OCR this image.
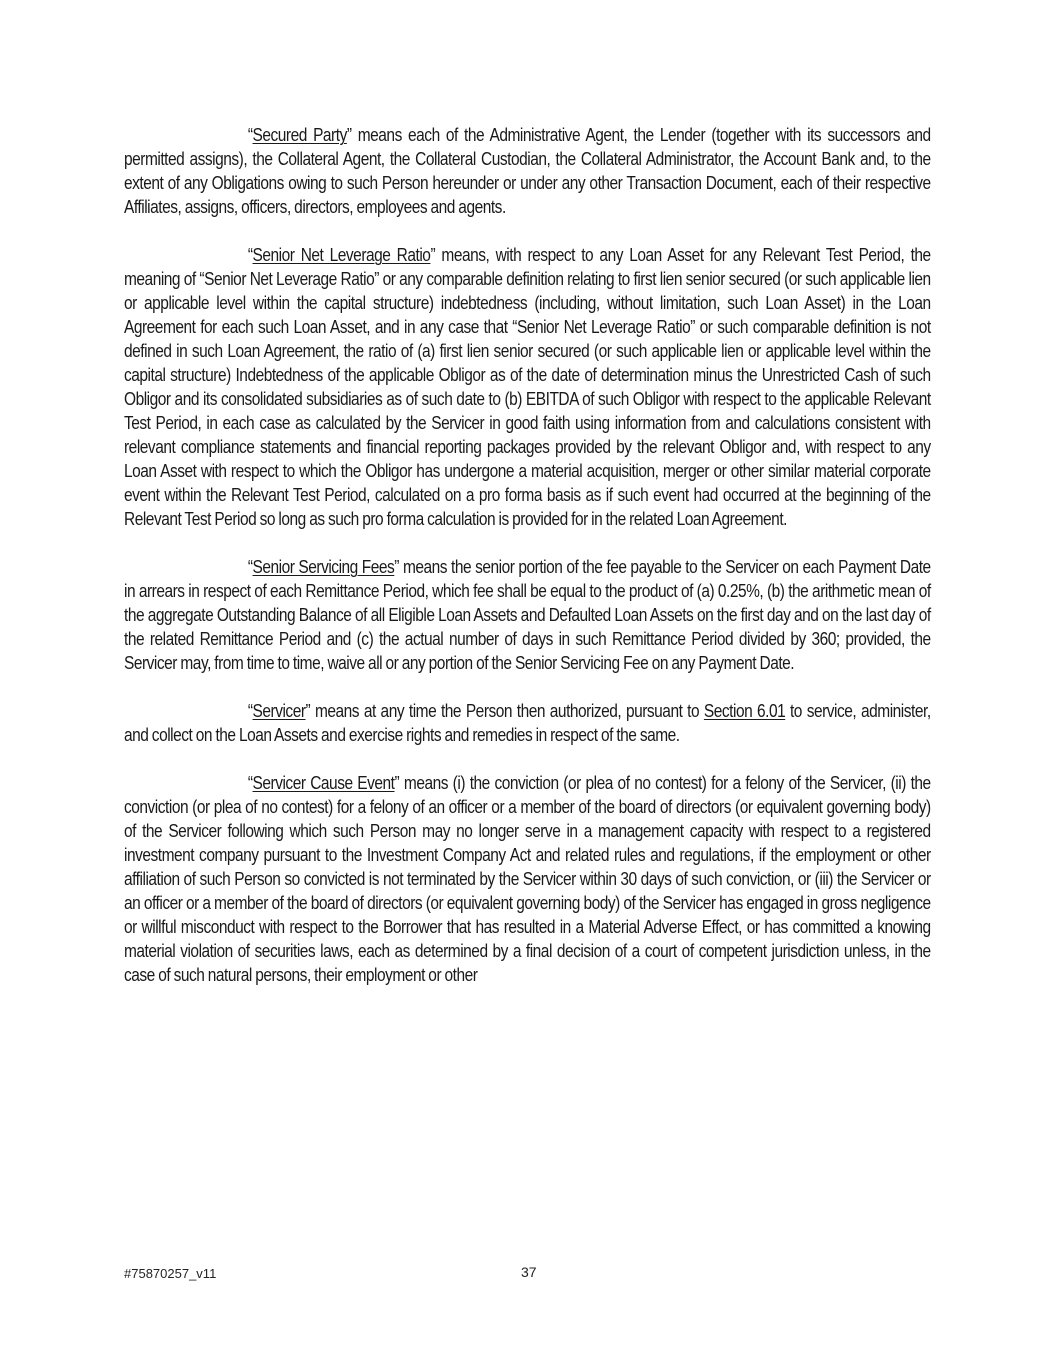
“Secured Party” means each of the Administrative Agent, the Lender (together with its successors and permitted assigns), the Collateral Agent, the Collateral Custodian, the Collateral Administrator, the Account Bank and, to the extent of any Obligations owing to such Person hereunder or under any other Transaction Document, each of their respective Affiliates, assigns, officers, directors, employees and agents.

“Senior Net Leverage Ratio” means, with respect to any Loan Asset for any Relevant Test Period, the meaning of “Senior Net Leverage Ratio” or any comparable definition relating to first lien senior secured (or such applicable lien or applicable level within the capital structure) indebtedness (including, without limitation, such Loan Asset) in the Loan Agreement for each such Loan Asset, and in any case that “Senior Net Leverage Ratio” or such comparable definition is not defined in such Loan Agreement, the ratio of (a) first lien senior secured (or such applicable lien or applicable level within the capital structure) Indebtedness of the applicable Obligor as of the date of determination minus the Unrestricted Cash of such Obligor and its consolidated subsidiaries as of such date to (b) EBITDA of such Obligor with respect to the applicable Relevant Test Period, in each case as calculated by the Servicer in good faith using information from and calculations consistent with relevant compliance statements and financial reporting packages provided by the relevant Obligor and, with respect to any Loan Asset with respect to which the Obligor has undergone a material acquisition, merger or other similar material corporate event within the Relevant Test Period, calculated on a pro forma basis as if such event had occurred at the beginning of the Relevant Test Period so long as such pro forma calculation is provided for in the related Loan Agreement.

“Senior Servicing Fees” means the senior portion of the fee payable to the Servicer on each Payment Date in arrears in respect of each Remittance Period, which fee shall be equal to the product of (a) 0.25%, (b) the arithmetic mean of the aggregate Outstanding Balance of all Eligible Loan Assets and Defaulted Loan Assets on the first day and on the last day of the related Remittance Period and (c) the actual number of days in such Remittance Period divided by 360; provided, the Servicer may, from time to time, waive all or any portion of the Senior Servicing Fee on any Payment Date.

“Servicer” means at any time the Person then authorized, pursuant to Section 6.01 to service, administer, and collect on the Loan Assets and exercise rights and remedies in respect of the same.

“Servicer Cause Event” means (i) the conviction (or plea of no contest) for a felony of the Servicer, (ii) the conviction (or plea of no contest) for a felony of an officer or a member of the board of directors (or equivalent governing body) of the Servicer following which such Person may no longer serve in a management capacity with respect to a registered investment company pursuant to the Investment Company Act and related rules and regulations, if the employment or other affiliation of such Person so convicted is not terminated by the Servicer within 30 days of such conviction, or (iii) the Servicer or an officer or a member of the board of directors (or equivalent governing body) of the Servicer has engaged in gross negligence or willful misconduct with respect to the Borrower that has resulted in a Material Adverse Effect, or has committed a knowing material violation of securities laws, each as determined by a final decision of a court of competent jurisdiction unless, in the case of such natural persons, their employment or other

#75870257_v11	37
